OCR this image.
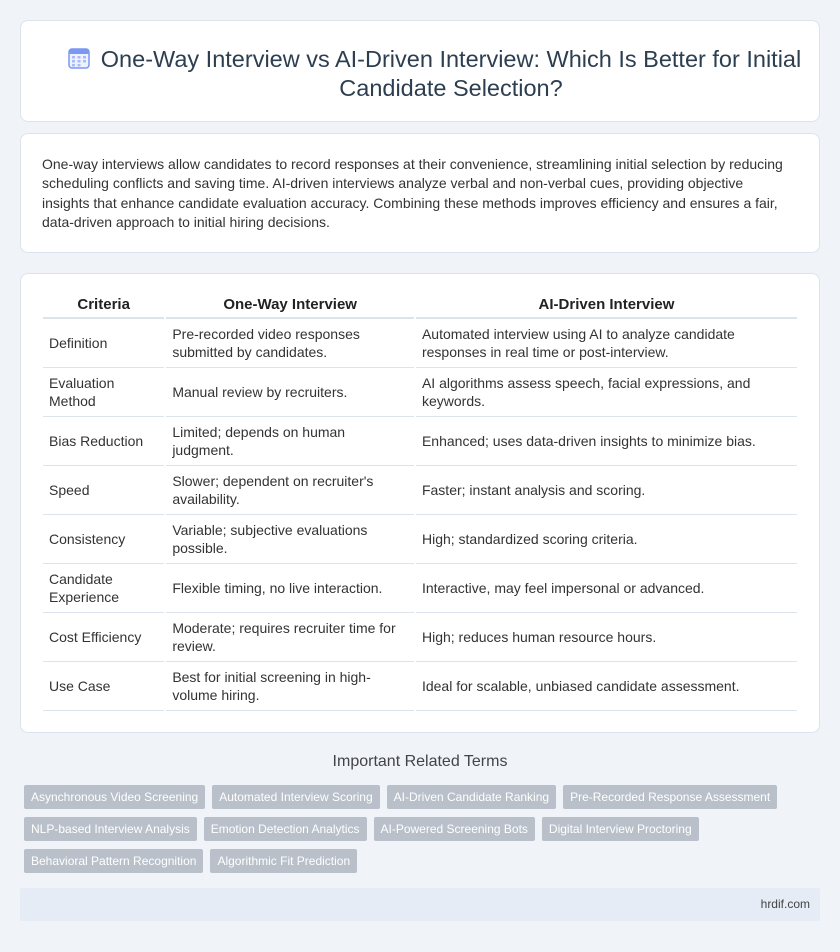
One-Way Interview vs AI-Driven Interview: Which Is Better for Initial Candidate Selection?

One-way interviews allow candidates to record responses at their convenience, streamlining initial selection by reducing scheduling conflicts and saving time. AI-driven interviews analyze verbal and non-verbal cues, providing objective insights that enhance candidate evaluation accuracy. Combining these methods improves efficiency and ensures a fair, data-driven approach to initial hiring decisions.

Criteria	One-Way Interview	AI-Driven Interview
Definition	Pre-recorded video responses submitted by candidates.	Automated interview using AI to analyze candidate responses in real time or post-interview.
Evaluation Method	Manual review by recruiters.	AI algorithms assess speech, facial expressions, and keywords.
Bias Reduction	Limited; depends on human judgment.	Enhanced; uses data-driven insights to minimize bias.
Speed	Slower; dependent on recruiter's availability.	Faster; instant analysis and scoring.
Consistency	Variable; subjective evaluations possible.	High; standardized scoring criteria.
Candidate Experience	Flexible timing, no live interaction.	Interactive, may feel impersonal or advanced.
Cost Efficiency	Moderate; requires recruiter time for review.	High; reduces human resource hours.
Use Case	Best for initial screening in high-volume hiring.	Ideal for scalable, unbiased candidate assessment.
Important Related Terms
Asynchronous Video Screening	Automated Interview Scoring	AI-Driven Candidate Ranking	Pre-Recorded Response Assessment
NLP-based Interview Analysis	Emotion Detection Analytics	AI-Powered Screening Bots	Digital Interview Proctoring
Behavioral Pattern Recognition	Algorithmic Fit Prediction
hrdif.com
